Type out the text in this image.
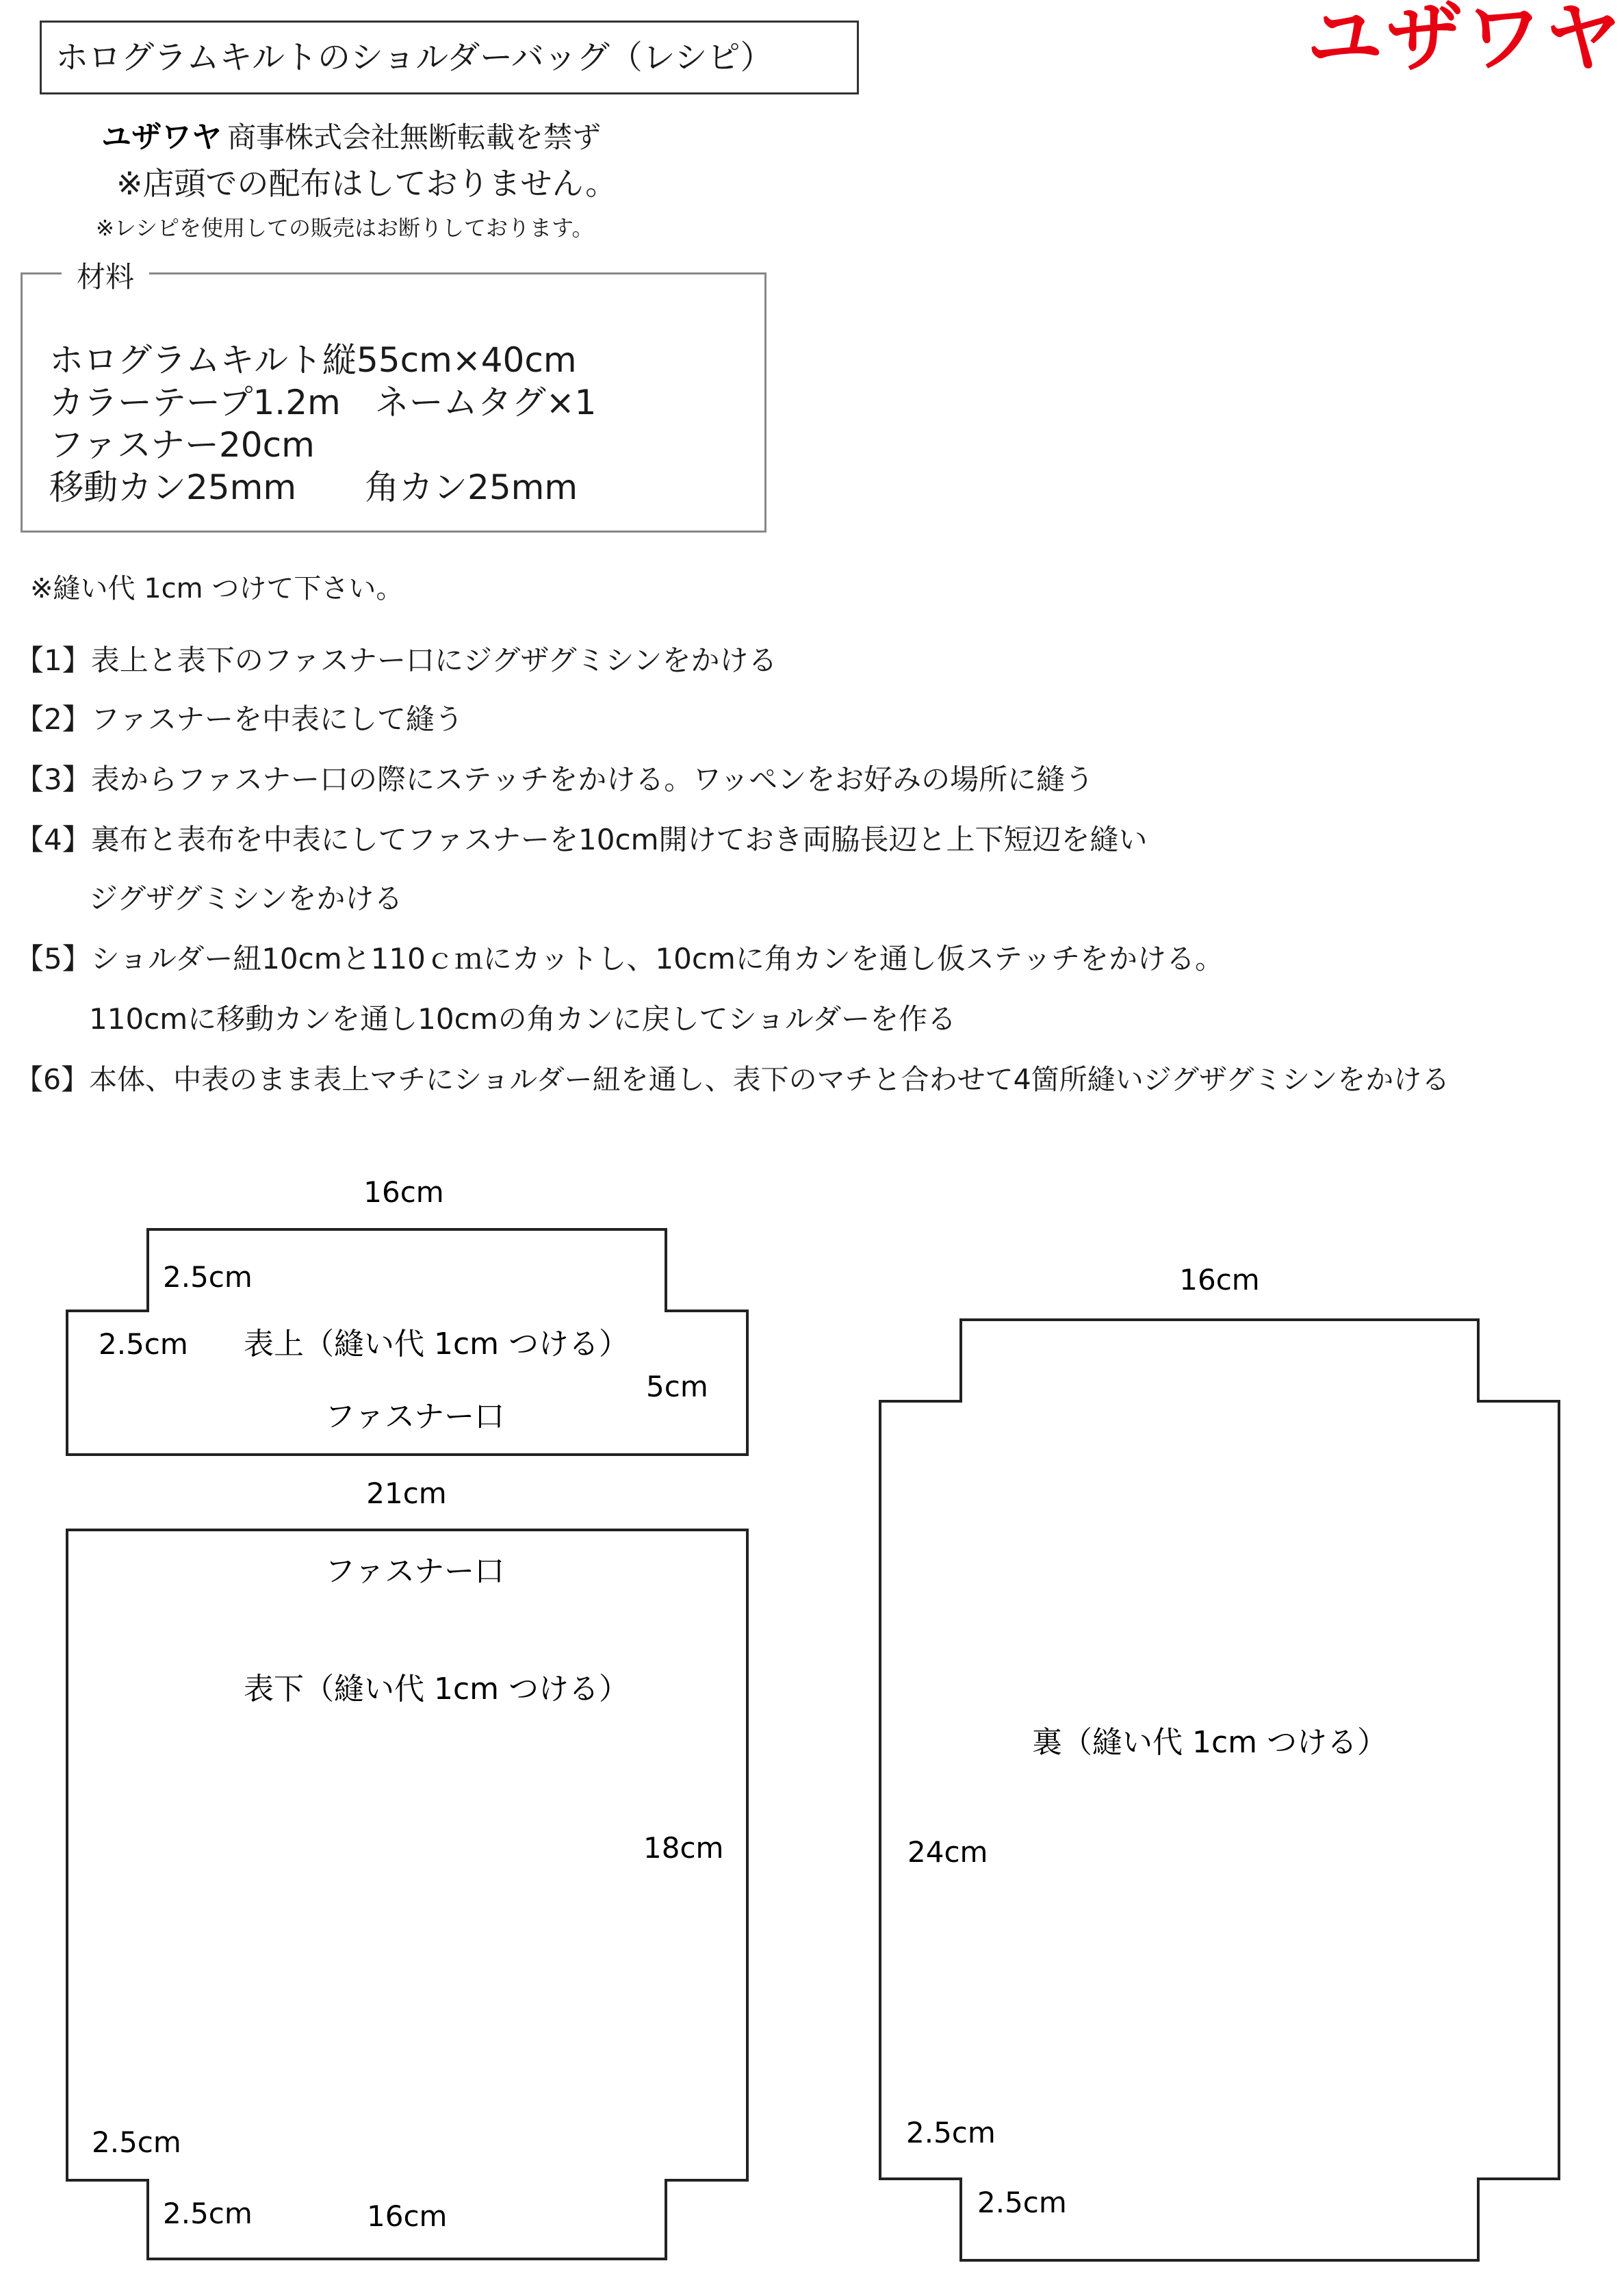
ホログラムキルトのショルダーバッグ（レシピ）	ユザワヤ
ユザワヤ 商事株式会社無断転載を禁ず
※店頭での配布はしておりません。
※レシピを使用しての販売はお断りしております。
材料
ホログラムキルト縦55cm×40cm
カラーテープ1.2m　ネームタグ×1
ファスナー20cm
移動カン25mm　　角カン25mm
※縫い代 1cm つけて下さい。
【1】表上と表下のファスナー口にジグザグミシンをかける
【2】ファスナーを中表にして縫う
【3】表からファスナー口の際にステッチをかける。ワッペンをお好みの場所に縫う
【4】裏布と表布を中表にしてファスナーを10cm開けておき両脇長辺と上下短辺を縫い
ジグザグミシンをかける
【5】ショルダー紐10cmと110ｃｍにカットし、10cmに角カンを通し仮ステッチをかける。
110cmに移動カンを通し10cmの角カンに戻してショルダーを作る
【6】本体、中表のまま表上マチにショルダー紐を通し、表下のマチと合わせて4箇所縫いジグザグミシンをかける
16cm
2.5cm
2.5cm 表上（縫い代 1cm つける）
5cm
ファスナー口
21cm
ファスナー口
表下（縫い代 1cm つける）
18cm
2.5cm
2.5cm	16cm
16cm
裏（縫い代 1cm つける）
24cm
2.5cm
2.5cm
